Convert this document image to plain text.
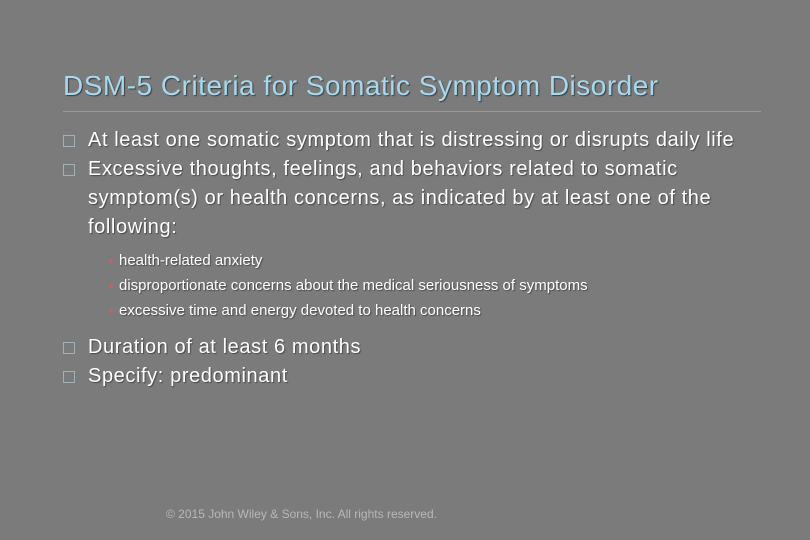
DSM-5 Criteria for Somatic Symptom Disorder

At least one somatic symptom that is distressing or disrupts daily life

Excessive thoughts, feelings, and behaviors related to somatic symptom(s) or health concerns, as indicated by at least one of the following:

health-related anxiety
disproportionate concerns about the medical seriousness of symptoms
excessive time and energy devoted to health concerns

Duration of at least 6 months

Specify: predominant

© 2015 John Wiley & Sons, Inc. All rights reserved.
